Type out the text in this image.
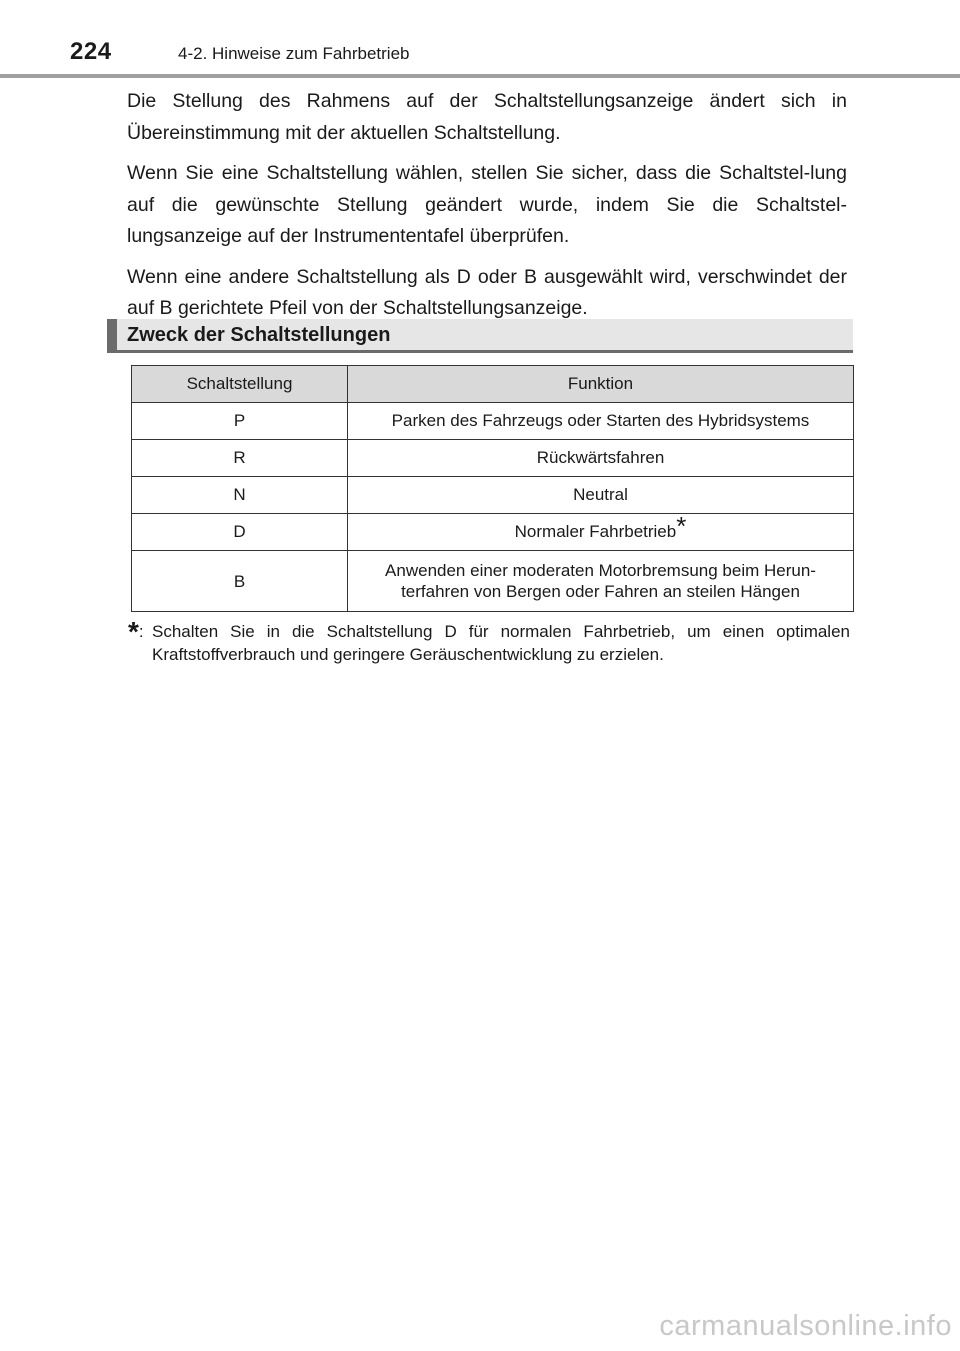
224	4-2. Hinweise zum Fahrbetrieb

Die Stellung des Rahmens auf der Schaltstellungsanzeige ändert sich in Übereinstimmung mit der aktuellen Schaltstellung.

Wenn Sie eine Schaltstellung wählen, stellen Sie sicher, dass die Schaltstel-lung auf die gewünschte Stellung geändert wurde, indem Sie die Schaltstel-lungsanzeige auf der Instrumententafel überprüfen.

Wenn eine andere Schaltstellung als D oder B ausgewählt wird, verschwindet der auf B gerichtete Pfeil von der Schaltstellungsanzeige.

Zweck der Schaltstellungen
Schaltstellung	Funktion
P	Parken des Fahrzeugs oder Starten des Hybridsystems
R	Rückwärtsfahren
N	Neutral
D	Normaler Fahrbetrieb*
B	Anwenden einer moderaten Motorbremsung beim Herun-terfahren von Bergen oder Fahren an steilen Hängen
*: Schalten Sie in die Schaltstellung D für normalen Fahrbetrieb, um einen optimalen Kraftstoffverbrauch und geringere Geräuschentwicklung zu erzielen.
carmanualsonline.info
